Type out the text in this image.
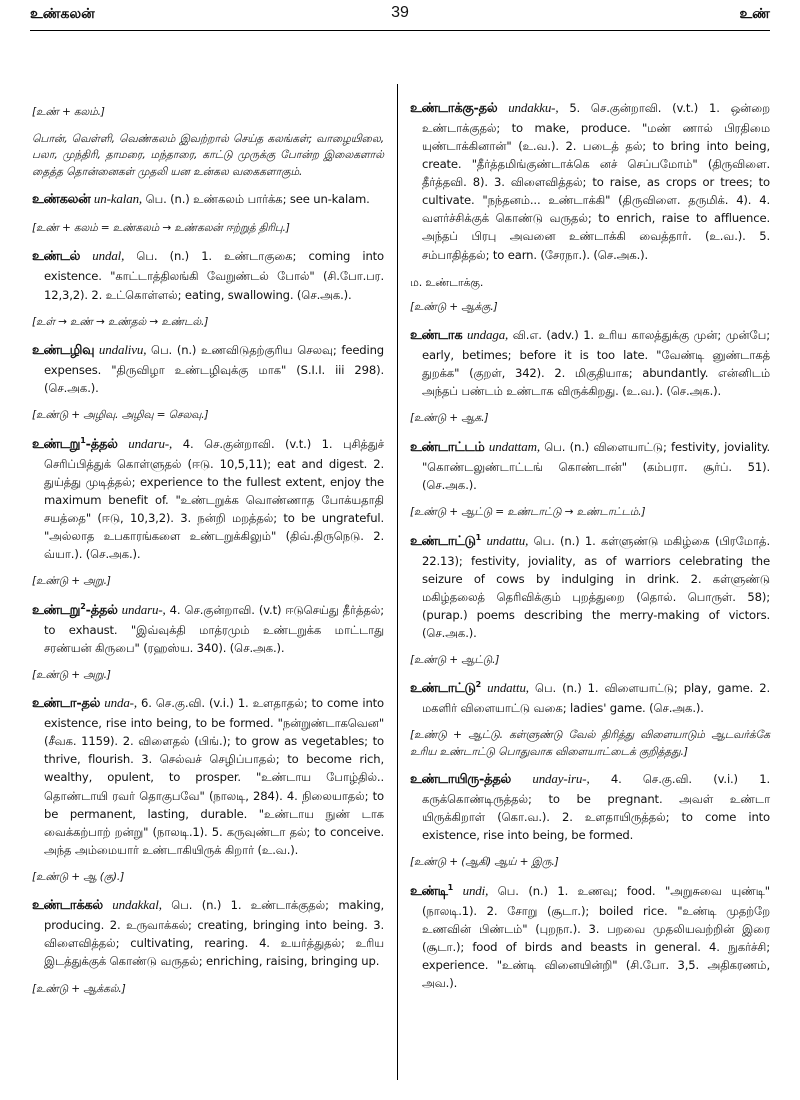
உண்கலன்	39	உண்

[உண் + கலம்.]

பொன், வெள்ளி, வெண்கலம் இவற்றால் செய்த கலங்கள்; வாழையிலை, பலா, முந்திரி, தாமரை, மந்தாரை, காட்டு முருக்கு போன்ற இலைகளால் தைத்த தொன்னைகள் முதலி யன உன்கல வகைகளாகும்.

உண்கலன் un-kalan, பெ. (n.) உண்கலம் பார்க்க; see un-kalam.

[உண் + கலம் = உண்கலம் → உண்கலன் ஈற்றுத் திரிபு.]

உண்டல் undal, பெ. (n.) 1. உண்டாகுகை; coming into existence. "காட்டாத்திலங்கி வேறுண்டல் போல்" (சி.போ.பர. 12,3,2). 2. உட்கொள்ளல்; eating, swallowing. (செ.அக.).

[உள் → உண் → உண்தல் → உண்டல்.]

உண்டழிவு undalivu, பெ. (n.) உணவிடுதற்குரிய செலவு; feeding expenses. "திருவிழா உண்டழிவுக்கு மாக" (S.I.I. iii 298). (செ.அக.).

[உண்டு + அழிவு. அழிவு = செலவு.]

உண்டறு$^1$-த்தல் undaru-, 4. செ.குன்றாவி. (v.t.) 1. புசித்துச் செரிப்பித்துக் கொள்ளுதல் (ஈடு. 10,5,11); eat and digest. 2. துய்த்து முடித்தல்; experience to the fullest extent, enjoy the maximum benefit of. "உண்டறுக்க வொண்ணாத போக்யதாதி சயத்தை" (ஈடு, 10,3,2). 3. நன்றி மறத்தல்; to be ungrateful. "அல்லாத உபகாரங்களை உண்டறுக்கிலும்" (திவ்.திருநெடு. 2. வ்யா.). (செ.அக.).

[உண்டு + அறு.]

உண்டறு$^2$-த்தல் undaru-, 4. செ.குன்றாவி. (v.t) ஈடுசெய்து தீர்த்தல்; to exhaust. "இவ்வுக்தி மாத்ரமும் உண்டறுக்க மாட்டாது சரண்யன் கிருபை" (ரஹஸ்ய. 340). (செ.அக.).

[உண்டு + அறு.]

உண்டா-தல் unda-, 6. செ.கு.வி. (v.i.) 1. உளதாதல்; to come into existence, rise into being, to be formed. "நன்றுண்டாகவென" (சீவக. 1159). 2. விளைதல் (பிங்.); to grow as vegetables; to thrive, flourish. 3. செல்வச் செழிப்பாதல்; to become rich, wealthy, opulent, to prosper. "உண்டாய போழ்தில்.. தொண்டாயி ரவர் தொகுபவே" (நாலடி, 284). 4. நிலையாதல்; to be permanent, lasting, durable. "உண்டாய நுண் டாக வைக்கற்பாற் றன்று" (நாலடி.1). 5. கருவுண்டா தல்; to conceive. அந்த அம்மையார் உண்டாகியிருக் கிறார் (உ.வ.).

[உண்டு + ஆ (கு).]

உண்டாக்கல் undakkal, பெ. (n.) 1. உண்டாக்குதல்; making, producing. 2. உருவாக்கல்; creating, bringing into being. 3. விளைவித்தல்; cultivating, rearing. 4. உயர்த்துதல்; உரிய இடத்துக்குக் கொண்டு வருதல்; enriching, raising, bringing up.

[உண்டு + ஆக்கல்.]

உண்டாக்கு-தல் undakku-, 5. செ.குன்றாவி. (v.t.) 1. ஒன்றை உண்டாக்குதல்; to make, produce. "மண் ணால் பிரதிமை யுண்டாக்கினான்" (உ.வ.). 2. படைத் தல்; to bring into being, create. "தீர்த்தமிங்குண்டாக்கெ னச் செப்பமோம்" (திருவிளை. தீர்த்தவி. 8). 3. விளைவித்தல்; to raise, as crops or trees; to cultivate. "நந்தனம்... உண்டாக்கி" (திருவிளை. தருமிக். 4). 4. வளர்ச்சிக்குக் கொண்டு வருதல்; to enrich, raise to affluence. அந்தப் பிரபு அவனை உண்டாக்கி வைத்தார். (உ.வ.). 5. சம்பாதித்தல்; to earn. (சேரநா.). (செ.அக.).

ம. உண்டாக்கு.

[உண்டு + ஆக்கு.]

உண்டாக undaga, வி.எ. (adv.) 1. உரிய காலத்துக்கு முன்; முன்பே; early, betimes; before it is too late. "வேண்டி னுண்டாகத் துறக்க" (குறள், 342). 2. மிகுதியாக; abundantly. என்னிடம் அந்தப் பண்டம் உண்டாக விருக்கிறது. (உ.வ.). (செ.அக.).

[உண்டு + ஆக.]

உண்டாட்டம் undattam, பெ. (n.) விளையாட்டு; festivity, joviality. "கொண்டலுண்டாட்டங் கொண்டான்" (கம்பரா. சூர்ப். 51). (செ.அக.).

[உண்டு + ஆட்டு = உண்டாட்டு → உண்டாட்டம்.]

உண்டாட்டு$^1$ undattu, பெ. (n.) 1. கள்ளுண்டு மகிழ்கை (பிரமோத். 22.13); festivity, joviality, as of warriors celebrating the seizure of cows by indulging in drink. 2. கள்ளுண்டு மகிழ்தலைத் தெரிவிக்கும் புறத்துறை (தொல். பொருள். 58); (purap.) poems describing the merry-making of victors. (செ.அக.).

[உண்டு + ஆட்டு.]

உண்டாட்டு$^2$ undattu, பெ. (n.) 1. விளையாட்டு; play, game. 2. மகளிர் விளையாட்டு வகை; ladies' game. (செ.அக.).

[உண்டு + ஆட்டு. கள்ளுண்டு வேல் திரித்து விளையாடும் ஆடவர்க்கே உரிய உண்டாட்டு பொதுவாக விளையாட்டைக் குறித்தது.]

உண்டாயிரு-த்தல் unday-iru-, 4. செ.கு.வி. (v.i.) 1. கருக்கொண்டிருத்தல்; to be pregnant. அவள் உண்டா யிருக்கிறாள் (கொ.வ.). 2. உளதாயிருத்தல்; to come into existence, rise into being, be formed.

[உண்டு + (ஆகி) ஆய் + இரு.]

உண்டி$^1$ undi, பெ. (n.) 1. உணவு; food. "அறுசுவை யுண்டி" (நாலடி.1). 2. சோறு (சூடா.); boiled rice. "உண்டி முதற்றே உணவின் பிண்டம்" (புறநா.). 3. பறவை முதலியவற்றின் இரை (சூடா.); food of birds and beasts in general. 4. நுகர்ச்சி; experience. "உண்டி வினையின்றி" (சி.போ. 3,5. அதிகரணம், அவ.).
